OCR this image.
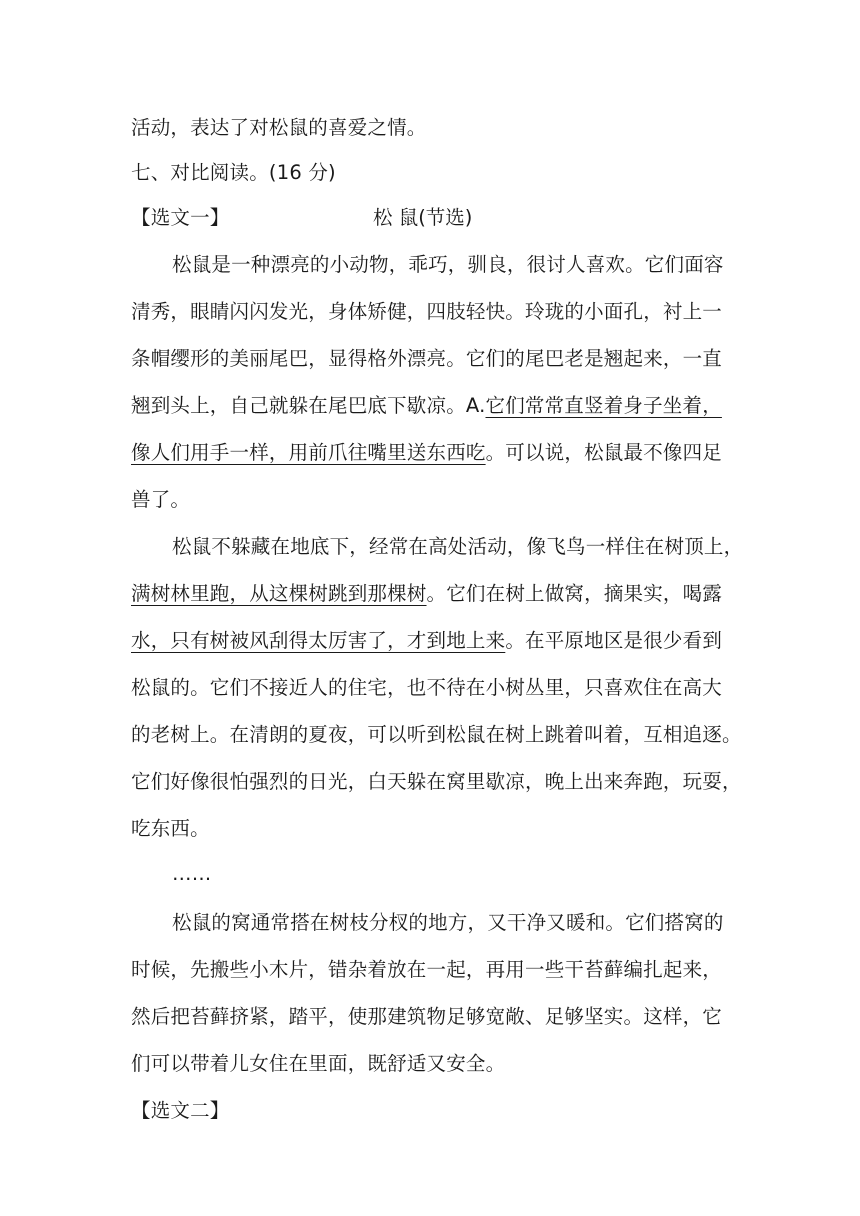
活动，表达了对松鼠的喜爱之情。
七、对比阅读。(16 分)
【选文一】	松 鼠(节选)
松鼠是一种漂亮的小动物，乖巧，驯良，很讨人喜欢。它们面容
清秀，眼睛闪闪发光，身体矫健，四肢轻快。玲珑的小面孔，衬上一
条帽缨形的美丽尾巴，显得格外漂亮。它们的尾巴老是翘起来，一直
翘到头上，自己就躲在尾巴底下歇凉。A.它们常常直竖着身子坐着，
像人们用手一样，用前爪往嘴里送东西吃。可以说，松鼠最不像四足
兽了。
松鼠不躲藏在地底下，经常在高处活动，像飞鸟一样住在树顶上，
满树林里跑，从这棵树跳到那棵树。它们在树上做窝，摘果实，喝露
水，只有树被风刮得太厉害了，才到地上来。在平原地区是很少看到
松鼠的。它们不接近人的住宅，也不待在小树丛里，只喜欢住在高大
的老树上。在清朗的夏夜，可以听到松鼠在树上跳着叫着，互相追逐。
它们好像很怕强烈的日光，白天躲在窝里歇凉，晚上出来奔跑，玩耍，
吃东西。
……
松鼠的窝通常搭在树枝分杈的地方，又干净又暖和。它们搭窝的
时候，先搬些小木片，错杂着放在一起，再用一些干苔藓编扎起来，
然后把苔藓挤紧，踏平，使那建筑物足够宽敞、足够坚实。这样，它
们可以带着儿女住在里面，既舒适又安全。
【选文二】
